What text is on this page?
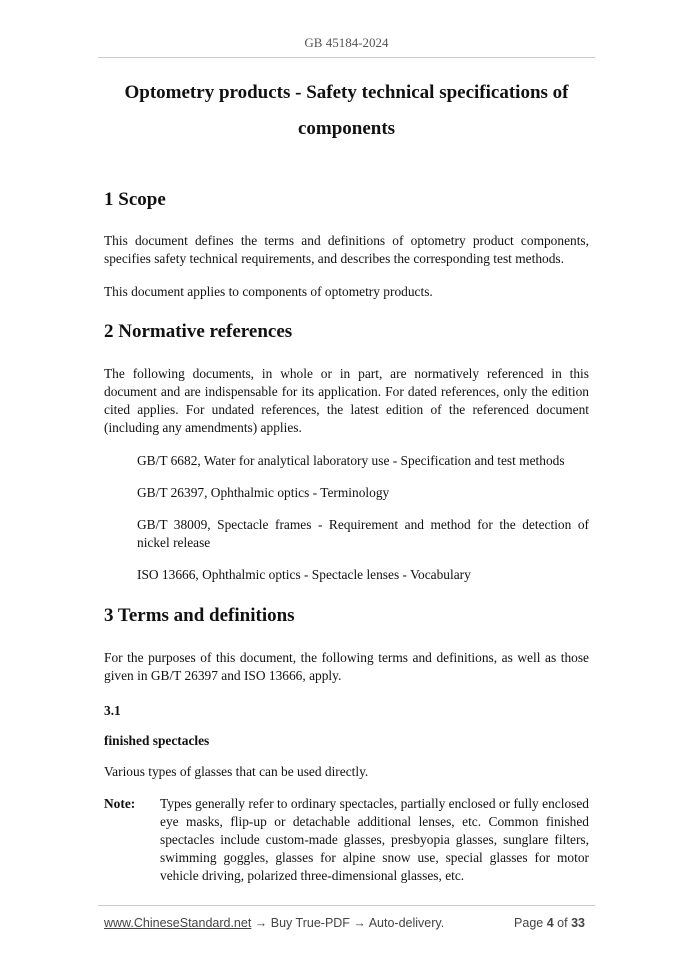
GB 45184-2024
Optometry products - Safety technical specifications of
components
1 Scope
This document defines the terms and definitions of optometry product components, specifies safety technical requirements, and describes the corresponding test methods.
This document applies to components of optometry products.
2 Normative references
The following documents, in whole or in part, are normatively referenced in this document and are indispensable for its application. For dated references, only the edition cited applies. For undated references, the latest edition of the referenced document (including any amendments) applies.
GB/T 6682, Water for analytical laboratory use - Specification and test methods
GB/T 26397, Ophthalmic optics - Terminology
GB/T 38009, Spectacle frames - Requirement and method for the detection of nickel release
ISO 13666, Ophthalmic optics - Spectacle lenses - Vocabulary
3 Terms and definitions
For the purposes of this document, the following terms and definitions, as well as those given in GB/T 26397 and ISO 13666, apply.
3.1
finished spectacles
Various types of glasses that can be used directly.
Note: Types generally refer to ordinary spectacles, partially enclosed or fully enclosed eye masks, flip-up or detachable additional lenses, etc. Common finished spectacles include custom-made glasses, presbyopia glasses, sunglare filters, swimming goggles, glasses for alpine snow use, special glasses for motor vehicle driving, polarized three-dimensional glasses, etc.
www.ChineseStandard.net → Buy True-PDF → Auto-delivery.	Page 4 of 33
